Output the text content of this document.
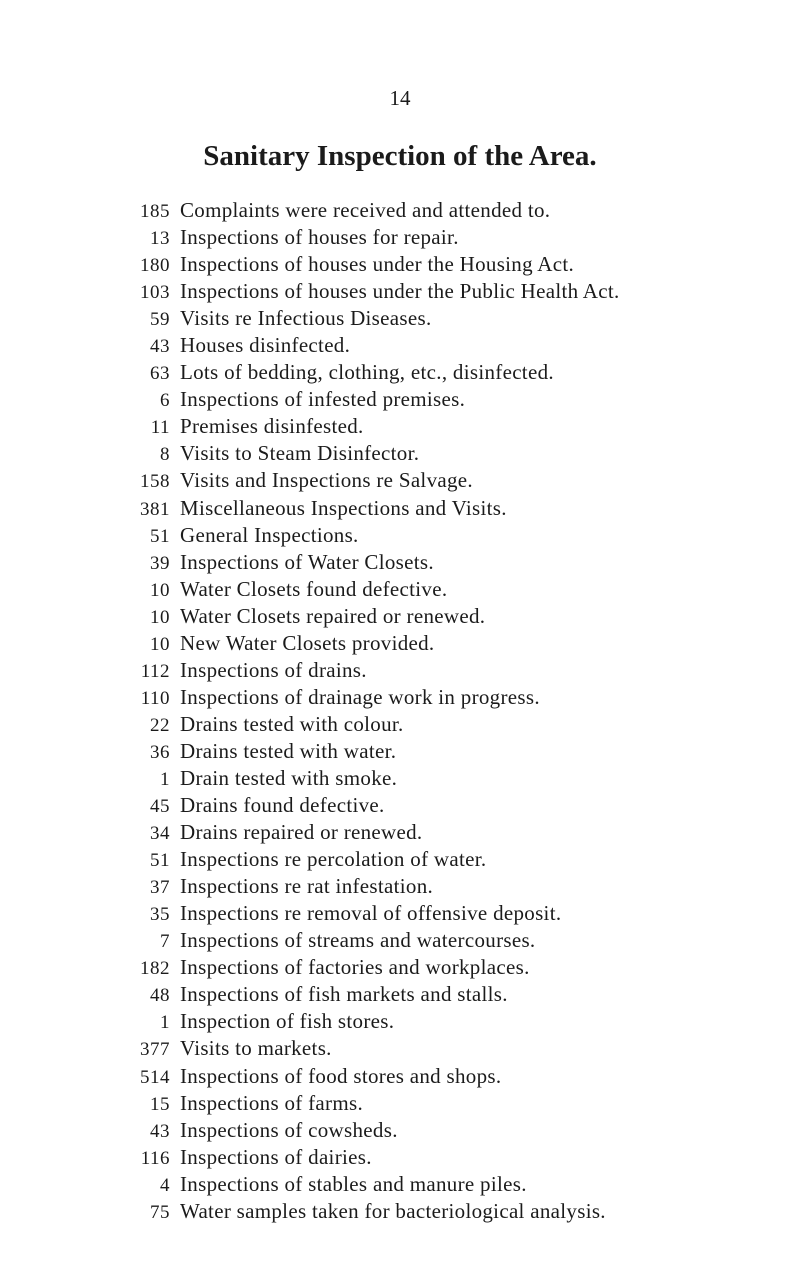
14
Sanitary Inspection of the Area.
185 Complaints were received and attended to.
13 Inspections of houses for repair.
180 Inspections of houses under the Housing Act.
103 Inspections of houses under the Public Health Act.
59 Visits re Infectious Diseases.
43 Houses disinfected.
63 Lots of bedding, clothing, etc., disinfected.
6 Inspections of infested premises.
11 Premises disinfested.
8 Visits to Steam Disinfector.
158 Visits and Inspections re Salvage.
381 Miscellaneous Inspections and Visits.
51 General Inspections.
39 Inspections of Water Closets.
10 Water Closets found defective.
10 Water Closets repaired or renewed.
10 New Water Closets provided.
112 Inspections of drains.
110 Inspections of drainage work in progress.
22 Drains tested with colour.
36 Drains tested with water.
1 Drain tested with smoke.
45 Drains found defective.
34 Drains repaired or renewed.
51 Inspections re percolation of water.
37 Inspections re rat infestation.
35 Inspections re removal of offensive deposit.
7 Inspections of streams and watercourses.
182 Inspections of factories and workplaces.
48 Inspections of fish markets and stalls.
1 Inspection of fish stores.
377 Visits to markets.
514 Inspections of food stores and shops.
15 Inspections of farms.
43 Inspections of cowsheds.
116 Inspections of dairies.
4 Inspections of stables and manure piles.
75 Water samples taken for bacteriological analysis.
